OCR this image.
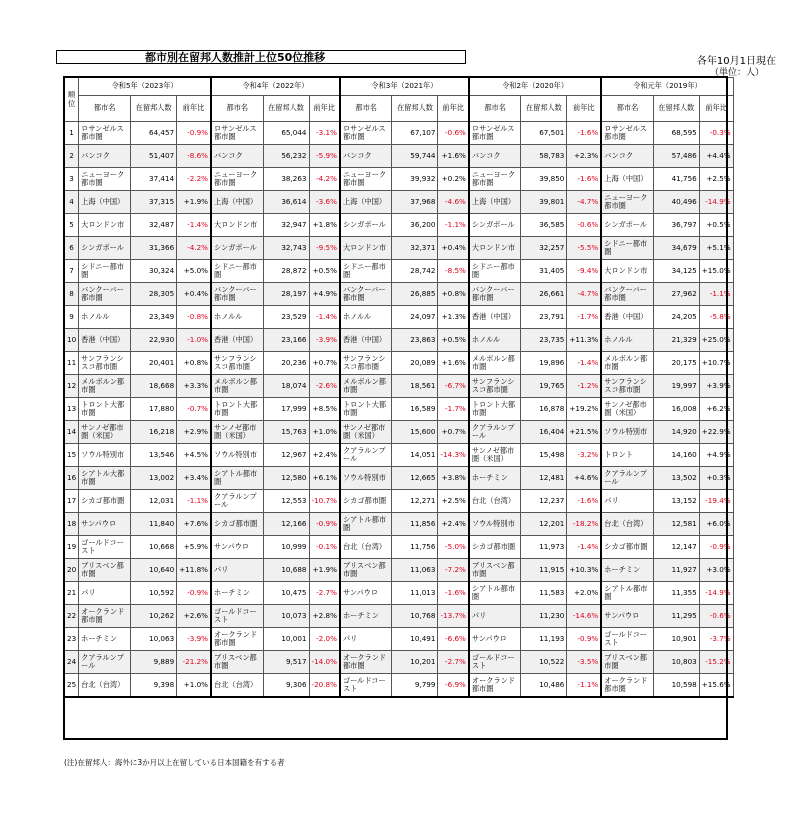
都市別在留邦人数推計上位50位推移	各年10月1日現在
（単位：人）
順
位	令和5年（2023年）			令和4年（2022年）			令和3年（2021年）			令和2年（2020年）			令和元年（2019年）		
	都市名	在留邦人数	前年比	都市名	在留邦人数	前年比	都市名	在留邦人数	前年比	都市名	在留邦人数	前年比	都市名	在留邦人数	前年比
1	ロサンゼルス都市圏	64,457	-0.9%	ロサンゼルス都市圏	65,044	-3.1%	ロサンゼルス都市圏	67,107	-0.6%	ロサンゼルス都市圏	67,501	-1.6%	ロサンゼルス都市圏	68,595	-0.3%
2	バンコク	51,407	-8.6%	バンコク	56,232	-5.9%	バンコク	59,744	+1.6%	バンコク	58,783	+2.3%	バンコク	57,486	+4.4%
3	ニューヨーク都市圏	37,414	-2.2%	ニューヨーク都市圏	38,263	-4.2%	ニューヨーク都市圏	39,932	+0.2%	ニューヨーク都市圏	39,850	-1.6%	上海（中国）	41,756	+2.5%
4	上海（中国）	37,315	+1.9%	上海（中国）	36,614	-3.6%	上海（中国）	37,968	-4.6%	上海（中国）	39,801	-4.7%	ニューヨーク都市圏	40,496	-14.9%
5	大ロンドン市	32,487	-1.4%	大ロンドン市	32,947	+1.8%	シンガポール	36,200	-1.1%	シンガポール	36,585	-0.6%	シンガポール	36,797	+0.5%
6	シンガポール	31,366	-4.2%	シンガポール	32,743	-9.5%	大ロンドン市	32,371	+0.4%	大ロンドン市	32,257	-5.5%	シドニー都市圏	34,679	+5.1%
7	シドニー都市圏	30,324	+5.0%	シドニー都市圏	28,872	+0.5%	シドニー都市圏	28,742	-8.5%	シドニー都市圏	31,405	-9.4%	大ロンドン市	34,125	+15.0%
8	バンクーバー都市圏	28,305	+0.4%	バンクーバー都市圏	28,197	+4.9%	バンクーバー都市圏	26,885	+0.8%	バンクーバー都市圏	26,661	-4.7%	バンクーバー都市圏	27,962	-1.1%
9	ホノルル	23,349	-0.8%	ホノルル	23,529	-1.4%	ホノルル	24,097	+1.3%	香港（中国）	23,791	-1.7%	香港（中国）	24,205	-5.8%
10	香港（中国）	22,930	-1.0%	香港（中国）	23,166	-3.9%	香港（中国）	23,863	+0.5%	ホノルル	23,735	+11.3%	ホノルル	21,329	+25.0%
11	サンフランシスコ都市圏	20,401	+0.8%	サンフランシスコ都市圏	20,236	+0.7%	サンフランシスコ都市圏	20,089	+1.6%	メルボルン都市圏	19,896	-1.4%	メルボルン都市圏	20,175	+10.7%
12	メルボルン都市圏	18,668	+3.3%	メルボルン都市圏	18,074	-2.6%	メルボルン都市圏	18,561	-6.7%	サンフランシスコ都市圏	19,765	-1.2%	サンフランシスコ都市圏	19,997	+3.9%
13	トロント大都市圏	17,880	-0.7%	トロント大都市圏	17,999	+8.5%	トロント大都市圏	16,589	-1.7%	トロント大都市圏	16,878	+19.2%	サンノゼ都市圏（米国）	16,008	+6.2%
14	サンノゼ都市圏（米国）	16,218	+2.9%	サンノゼ都市圏（米国）	15,763	+1.0%	サンノゼ都市圏（米国）	15,600	+0.7%	クアラルンプール	16,404	+21.5%	ソウル特別市	14,920	+22.9%
15	ソウル特別市	13,546	+4.5%	ソウル特別市	12,967	+2.4%	クアラルンプール	14,051	-14.3%	サンノゼ都市圏（米国）	15,498	-3.2%	トロント	14,160	+4.9%
16	シアトル大都市圏	13,002	+3.4%	シアトル都市圏	12,580	+6.1%	ソウル特別市	12,665	+3.8%	ホーチミン	12,481	+4.6%	クアラルンプール	13,502	+0.3%
17	シカゴ都市圏	12,031	-1.1%	クアラルンプール	12,553	-10.7%	シカゴ都市圏	12,271	+2.5%	台北（台湾）	12,237	-1.6%	パリ	13,152	-19.4%
18	サンパウロ	11,840	+7.6%	シカゴ都市圏	12,166	-0.9%	シアトル都市圏	11,856	+2.4%	ソウル特別市	12,201	-18.2%	台北（台湾）	12,581	+6.0%
19	ゴールドコースト	10,668	+5.9%	サンパウロ	10,999	-0.1%	台北（台湾）	11,756	-5.0%	シカゴ都市圏	11,973	-1.4%	シカゴ都市圏	12,147	-0.9%
20	ブリスベン都市圏	10,640	+11.8%	パリ	10,688	+1.9%	ブリスベン都市圏	11,063	-7.2%	ブリスベン都市圏	11,915	+10.3%	ホーチミン	11,927	+3.0%
21	パリ	10,592	-0.9%	ホーチミン	10,475	-2.7%	サンパウロ	11,013	-1.6%	シアトル都市圏	11,583	+2.0%	シアトル都市圏	11,355	-14.9%
22	オークランド都市圏	10,262	+2.6%	ゴールドコースト	10,073	+2.8%	ホーチミン	10,768	-13.7%	パリ	11,230	-14.6%	サンパウロ	11,295	-0.6%
23	ホーチミン	10,063	-3.9%	オークランド都市圏	10,001	-2.0%	パリ	10,491	-6.6%	サンパウロ	11,193	-0.9%	ゴールドコースト	10,901	-3.7%
24	クアラルンプール	9,889	-21.2%	ブリスベン都市圏	9,517	-14.0%	オークランド都市圏	10,201	-2.7%	ゴールドコースト	10,522	-3.5%	ブリスベン都市圏	10,803	-15.2%
25	台北（台湾）	9,398	+1.0%	台北（台湾）	9,306	-20.8%	ゴールドコースト	9,799	-6.9%	オークランド都市圏	10,486	-1.1%	オークランド都市圏	10,598	+15.6%
(注)在留邦人：海外に3か月以上在留している日本国籍を有する者
